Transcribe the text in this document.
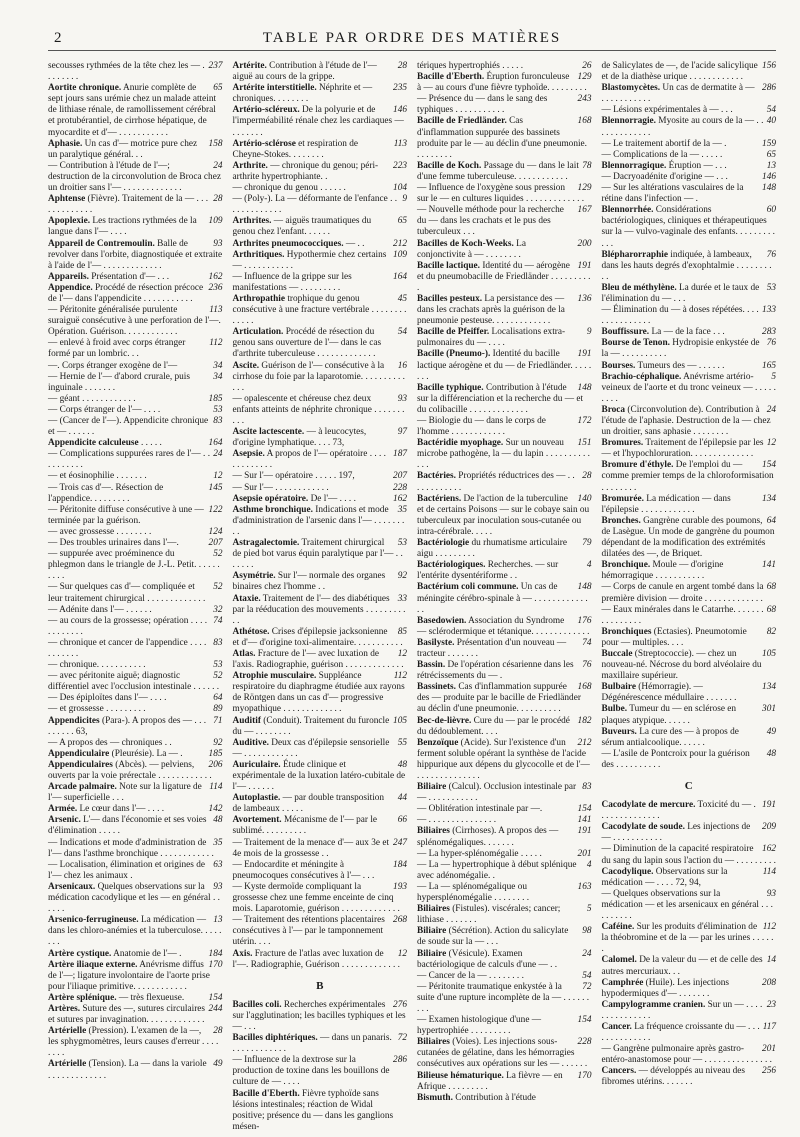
2	TABLE PAR ORDRE DES MATIÈRES
237
secousses rythmées de la tête chez les — . . . . . . . .
65
Aortite chronique. Anurie complète de sept jours sans urémie chez un malade atteint de lithiase rénale, de ramollissement cérébral et protubérantiel, de cirrhose hépatique, de myocardite et d'— . . . . . . . . . . .
158
Aphasie. Un cas d'— motrice pure chez un paralytique général. . .
24
— Contribution à l'étude de l'—; destruction de la circonvolution de Broca chez un droitier sans l'— . . . . . . . . . . . . .
28
Aphtense (Fièvre). Traitement de la — . . . . . . . . . . . . .
109
Apoplexie. Les tractions rythmées de la langue dans l'— . . . .
93
Appareil de Contremoulin. Balle de revolver dans l'orbite, diagnostiquée et extraite à l'aide de l'— . . . . . . . . . . . . .
162
Appareils. Présentation d'— . . .
236
Appendice. Procédé de résection précoce de l'— dans l'appendicite . . . . . . . . . . .
113
— Péritonite généralisée purulente suraiguë consécutive à une perforation de l'—. Opération. Guérison. . . . . . . . . . . .
112
— enlevé à froid avec corps étranger formé par un lombric. . .
34
—. Corps étranger exogène de l'—
34
— Hernie de l'— d'abord crurale, puis inguinale . . . . . . .
185
— géant . . . . . . . . . . . .
53
— Corps étranger de l'— . . . .
83
— (Cancer de l'—). Appendicite chronique et — . . . . . .
164
Appendicite calculeuse . . . . .
24
— Complications suppurées rares de l'— . . . . . . . . . .
12
— et éosinophilie . . . . . . .
145
— Trois cas d'—. Résection de l'appendice. . . . . . . . .
122
— Péritonite diffuse consécutive à une — terminée par la guérison.
124
— avec grossesse . . . . . . . .
207
— Des troubles urinaires dans l'—.
52
— suppurée avec proéminence du phlegmon dans le triangle de J.-L. Petit. . . . . . . . . .
52
— Sur quelques cas d'— compliquée et leur traitement chirurgical . . . . . . . . . . . . .
32
— Adénite dans l'— . . . . . .
74
— au cours de la grossesse; opération . . . . . . . . . . . .
83
— chronique et cancer de l'appendice . . . . . . . . . . .
53
— chronique. . . . . . . . . . .
52
— avec péritonite aiguë; diagnostic différentiel avec l'occlusion intestinale . . . . . .
64
— Des épiploïtes dans l'— . . . .
89
— et grossesse . . . . . . . . .
71
Appendicites (Para-). A propos des — . . . . . . . . . 63,
92
— A propos des — chroniques . .
185
Appendiculaire (Pleurésie). La — .
206
Appendiculaires (Abcès). — pelviens, ouverts par la voie prérectale . . . . . . . . . . . .
114
Arcade palmaire. Note sur la ligature de l'— superficielle . . .
142
Armée. Le cœur dans l'— . . . .
48
Arsenic. L'— dans l'économie et ses voies d'élimination . . . . .
35
— Indications et mode d'administration de l'— dans l'asthme bronchique . . . . . . . . . . . .
63
— Localisation, élimination et origines de l'— chez les animaux .
93
Arsenicaux. Quelques observations sur la médication cacodylique et les — en général . . . . . .
13
Arsenico-ferrugineuse. La médication — dans les chloro-anémies et la tuberculose. . . . . . . .
184
Artère cystique. Anatomie de l'— .
170
Artère iliaque externe. Anévrisme diffus de l'—; ligature involontaire de l'aorte prise pour l'iliaque primitive. . . . . . . . . . . .
154
Artère splénique. — très flexueuse.
244
Artères. Suture des —, sutures circulaires et sutures par invagination. . . . . . . . . . . . .
28
Artérielle (Pression). L'examen de la —, les sphygmomètres, leurs causes d'erreur . . . . . . . .
49
Artérielle (Tension). La — dans la variole . . . . . . . . . . . . .
28
Artérite. Contribution à l'étude de l'— aiguë au cours de la grippe.
235
Artérite interstitielle. Néphrite et — chroniques. . . . . . . .
146
Artério-scléreux. De la polyurie et de l'imperméabilité rénale chez les cardiaques — . . . . . . .
113
Artério-sclérose et respiration de Cheyne-Stokes. . . . . . . .
223
Arthrite. — chronique du genou; péri-arthrite hypertrophiante. .
104
— chronique du genou . . . . . .
9
— (Poly-). La — déformante de l'enfance . . . . . . . . . . . . .
65
Arthrites. — aiguës traumatiques du genou chez l'enfant. . . . . .
212
Arthrites pneumococciques. — . .
109
Arthritiques. Hypothermie chez certains — . . . . . . . . . . .
164
— Influence de la grippe sur les manifestations — . . . . . . . . .
45
Arthropathie trophique du genou consécutive à une fracture vertébrale . . . . . . . . . . . . .
54
Articulation. Procédé de résection du genou sans ouverture de l'— dans le cas d'arthrite tuberculeuse . . . . . . . . . . . . .
16
Ascite. Guérison de l'— consécutive à la cirrhose du foie par la laparotomie. . . . . . . . . . . . .
93
— opalescente et chéreuse chez deux enfants atteints de néphrite chronique . . . . . . . . . .
97
Ascite lactescente. — à leucocytes, d'origine lymphatique. . . . 73,
187
Asepsie. A propos de l'— opératoire . . . . . . . . . . . . .
207
— Sur l'— opératoire . . . . . 197,
228
— Sur l'— . . . . . . . . . . . .
162
Asepsie opératoire. De l'— . . . .
35
Asthme bronchique. Indications et mode d'administration de l'arsenic dans l'— . . . . . . . . .
53
Astragalectomie. Traitement chirurgical de pied bot varus équin paralytique par l'— . . . . . . .
92
Asymétrie. Sur l'— normale des organes binaires chez l'homme . .
33
Ataxie. Traitement de l'— des diabétiques par la rééducation des mouvements . . . . . . . . . . .
85
Athétose. Crises d'épilepsie jacksonienne et d'— d'origine toxi-alimentaire. . . . . . . . . . .
12
Atlas. Fracture de l'— avec luxation de l'axis. Radiographie, guérison . . . . . . . . . . . . .
112
Atrophie musculaire. Suppléance respiratoire du diaphragme étudiée aux rayons de Röntgen dans un cas d'— progressive myopathique . . . . . . . . . . . . .
105
Auditif (Conduit). Traitement du furoncle du — . . . . . . . .
55
Auditive. Deux cas d'épilepsie sensorielle — . . . . . . . . . . . .
48
Auriculaire. Étude clinique et expérimentale de la luxation latéro-cubitale de l'— . . . . . .
44
Autoplastie. — par double transposition de lambeaux . . . . .
66
Avortement. Mécanisme de l'— par le sublimé. . . . . . . . . .
247
— Traitement de la menace d'— aux 3e et 4e mois de la grossesse . .
184
— Endocardite et méningite à pneumocoques consécutives à l'— . . .
193
— Kyste dermoïde compliquant la grossesse chez une femme enceinte de cinq mois. Laparotomie, guérison . . . . . . . . . . . . .
268
— Traitement des rétentions placentaires consécutives à l'— par le tamponnement utérin. . . .
12
Axis. Fracture de l'atlas avec luxation de l'—. Radiographie, Guérison . . . . . . . . . . . . .
B
276
Bacilles coli. Recherches expérimentales sur l'agglutination; les bacilles typhiques et les — . . .
72
Bacilles diphtériques. — dans un panaris. . . . . . . . . . . . .
286
— Influence de la dextrose sur la production de toxine dans les bouillons de culture de — . . . .
Bacille d'Eberth. Fièvre typhoïde sans lésions intestinales; réaction de Widal positive; présence du — dans les ganglions mésen-
26
tériques hypertrophiés . . . . .
129
Bacille d'Eberth. Éruption furonculeuse à — au cours d'une fièvre typhoïde. . . . . . . . .
243
— Présence du — dans le sang des typhiques . . . . . . . . . . .
168
Bacille de Friedländer. Cas d'inflammation suppurée des bassinets produite par le — au déclin d'une pneumonie. . . . . . . . .
78
Bacille de Koch. Passage du — dans le lait d'une femme tuberculeuse. . . . . . . . . . . .
129
— Influence de l'oxygène sous pression sur le — en cultures liquides . . . . . . . . . . . . .
167
— Nouvelle méthode pour la recherche du — dans les crachats et le pus des tuberculeux . . .
200
Bacilles de Koch-Weeks. La conjonctivite à — . . . . . . . .
191
Bacille lactique. Identité du — aérogène et du pneumobacille de Friedländer . . . . . . . . . .
136
Bacilles pesteux. La persistance des — dans les crachats après la guérison de la pneumonie pesteuse. . . . . . . . . . . . .
9
Bacille de Pfeiffer. Localisations extra-pulmonaires du — . . . .
191
Bacille (Pneumo-). Identité du bacille lactique aérogène et du — de Friedländer. . . . . . . .
148
Bacille typhique. Contribution à l'étude sur la différenciation et la recherche du — et du colibacille . . . . . . . . . . . . .
172
— Biologie du — dans le corps de l'homme . . . . . . . . . . . .
151
Bactéridie myophage. Sur un nouveau microbe pathogène, la — du lapin . . . . . . . . . . . . .
28
Bactéries. Propriétés réductrices des — . . . . . . . . . . . .
140
Bactériens. De l'action de la tuberculine et de certains Poisons — sur le cobaye sain ou tuberculeux par inoculation sous-cutanée ou intra-cérébrale. . . . .
79
Bactériologie du rhumatisme articulaire aigu . . . . . . . . .
4
Bactériologiques. Recherches. — sur l'entérite dysentériforme . .
148
Bactérium coli commune. Un cas de méningite cérébro-spinale à — . . . . . . . . . . . . . .
176
Basedowien. Association du Syndrome — sclérodermique et tétanique. . . . . . . . . . . . .
74
Basilyste. Présentation d'un nouveau — tracteur . . . . . . .
76
Bassin. De l'opération césarienne dans les rétrécissements du — .
168
Bassinets. Cas d'inflammation suppurée des — produite par le bacille de Friedländer au déclin d'une pneumonie. . . . . . . . . .
182
Bec-de-lièvre. Cure du — par le procédé du dédoublement. . . .
212
Benzoïque (Acide). Sur l'existence d'un ferment soluble opérant la synthèse de l'acide hippurique aux dépens du glycocolle et de l'— . . . . . . . . . . . . . .
83
Biliaire (Calcul). Occlusion intestinale par — . . . . . . . . . . .
154
— Oblitération intestinale par —.
141
— . . . . . . . . . . . . . . .
191
Biliaires (Cirrhoses). A propos des — splénomégaliques. . . . . . .
201
— La hyper-splénomégalie . . . . .
4
— La — hypertrophique à début splénique avec adénomégalie. .
163
— La — splénomégalique ou hypersplénomégalie . . . . . . . .
5
Biliaires (Fistules). viscérales; cancer; lithiase . . . . . . .
98
Biliaire (Sécrétion). Action du salicylate de soude sur la — . . .
24
Biliaire (Vésicule). Examen bactériologique de calculs d'une — . .
54
— Cancer de la — . . . . . . . .
72
— Péritonite traumatique enkystée à la suite d'une rupture incomplète de la — . . . . . . . . .
154
— Examen histologique d'une — hypertrophiée . . . . . . . . .
228
Biliaires (Voies). Les injections sous-cutanées de gélatine, dans les hémorragies consécutives aux opérations sur les — . . . . . .
170
Bilieuse hématurique. La fièvre — en Afrique . . . . . . . . .
Bismuth. Contribution à l'étude
156
de Salicylates de —, de l'acide salicylique et de la diathèse urique . . . . . . . . . . . .
286
Blastomycètes. Un cas de dermatite à — . . . . . . . . . . .
54
— Lésions expérimentales à — . . .
40
Blennorragie. Myosite au cours de la — . . . . . . . . . . . . .
159
— Le traitement abortif de la — .
65
— Complications de la — . . . . .
13
Blennorragique. Éruption — . . .
146
— Dacryoadénite d'origine — . . .
148
— Sur les altérations vasculaires de la rétine dans l'infection — .
60
Blennorrhée. Considérations bactériologiques, cliniques et thérapeutiques sur la — vulvo-vaginale des enfants. . . . . . . . . . . .
76
Blépharorraphie indiquée, à lambeaux, dans les hauts degrés d'exophtalmie . . . . . . . . . .
53
Bleu de méthylène. La durée et le taux de l'élimination du — . . .
133
— Élimination du — à doses répétées. . . . . . . . . . . . . . .
283
Bouffissure. La — de la face . . .
76
Bourse de Tenon. Hydropisie enkystée de la — . . . . . . . . . .
165
Bourses. Tumeurs des — . . . . . .
5
Brachio-céphalique. Anévrisme artério-veineux de l'aorte et du tronc veineux — . . . . . . . . .
24
Broca (Circonvolution de). Contribution à l'étude de l'aphasie. Destruction de la — chez un droitier, sans aphasie . . . . . . . .
12
Bromures. Traitement de l'épilepsie par les — et l'hypochloruration. . . . . . . . . . . . . .
154
Bromure d'éthyle. De l'emploi du — comme premier temps de la chloroformisation . . . . . . . .
134
Bromurée. La médication — dans l'épilepsie . . . . . . . . . . . .
64
Bronches. Gangrène curable des poumons, de Lasègue. Un mode de gangrène du poumon dépendant de la modification des extrémités dilatées des —, de Briquet.
141
Bronchique. Moule — d'origine hémorragique . . . . . . . . . . .
68
— Corps de canule en argent tombé dans la première division — droite . . . . . . . . . . . . .
68
— Eaux minérales dans le Catarrhe. . . . . . . . . . . . . . . .
82
Bronchiques (Ectasies). Pneumotomie pour — multiples. . . .
105
Buccale (Streptococcie). — chez un nouveau-né. Nécrose du bord alvéolaire du maxillaire supérieur.
134
Bulbaire (Hémorragie). — Dégénérescence médullaire . . . . . . .
301
Bulbe. Tumeur du — en sclérose en plaques atypique. . . . . .
49
Buveurs. La cure des — à propos de sérum antialcoolique. . . . . .
48
— L'asile de Pontcroix pour la guérison des . . . . . . . . . .
C
191
Cacodylate de mercure. Toxicité du — . . . . . . . . . . . . . .
209
Cacodylate de soude. Les injections de — . . . . . . . . . . .
162
— Diminution de la capacité respiratoire du sang du lapin sous l'action du — . . . . . . . . .
114
Cacodylique. Observations sur la médication — . . . . 72, 94,
93
— Quelques observations sur la médication — et les arsenicaux en général . . . . . . . . . .
112
Caféine. Sur les produits d'élimination de la théobromine et de la — par les urines . . . . . .
14
Calomel. De la valeur du — et de celle des autres mercuriaux. . .
208
Camphrée (Huile). Les injections hypodermiques d'— . . . . . . .
23
Campylogramme cranien. Sur un — . . . . . . . . . . . . . . .
117
Cancer. La fréquence croissante du — . . . . . . . . . . . . . .
201
— Gangrène pulmonaire après gastro-entéro-anastomose pour — . . . . . . . . . . . . . . .
256
Cancers. — développés au niveau des fibromes utérins. . . . . . .
